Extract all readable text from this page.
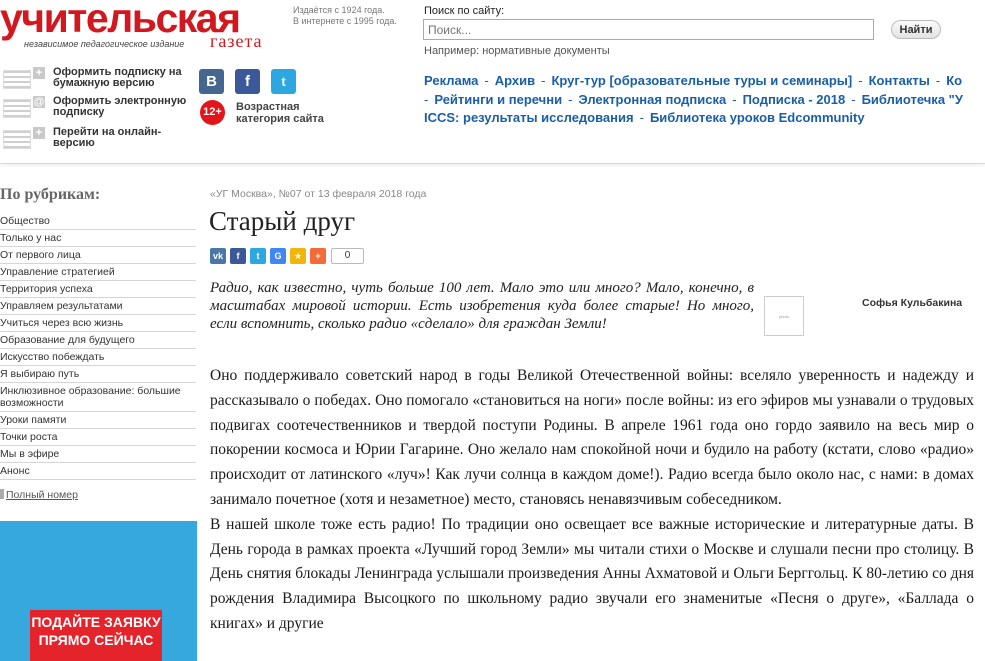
учительская
независимое педагогическое издание газета
Издаётся с 1924 года.
В интернете с 1995 года.
Поиск по сайту:
Поиск...
Найти
Например: нормативные документы
+ Оформить подписку на бумажную версию
@ Оформить электронную подписку
+ Перейти на онлайн-версию
B	f	t
12+ Возрастная категория сайта
Реклама - Архив - Круг-тур [образовательные туры и семинары] - Контакты - Ко
- Рейтинги и перечни - Электронная подписка - Подписка - 2018 - Библиотечка "У
ICCS: результаты исследования - Библиотека уроков Edcommunity
По рубрикам:
Общество
Только у нас
От первого лица
Управление стратегией
Территория успеха
Управляем результатами
Учиться через всю жизнь
Образование для будущего
Искусство побеждать
Я выбираю путь
Инклюзивное образование: большие возможности
Уроки памяти
Точки роста
Мы в эфире
Анонс
Полный номер
ПОДАЙТЕ ЗАЯВКУ ПРЯМО СЕЙЧАС
«УГ Москва», №07 от 13 февраля 2018 года
Старый друг
vk	f	t	G	★	+	0
Радио, как известно, чуть больше 100 лет. Мало это или много? Мало, конечно, в масштабах мировой истории. Есть изобретения куда более старые! Но много, если вспомнить, сколько радио «сделало» для граждан Земли!	photo
Софья Кульбакина

Оно поддерживало советский народ в годы Великой Отечественной войны: вселяло уверенность и надежду и рассказывало о победах. Оно помогало «становиться на ноги» после войны: из его эфиров мы узнавали о трудовых подвигах соотечественников и твердой поступи Родины. В апреле 1961 года оно гордо заявило на весь мир о покорении космоса и Юрии Гагарине. Оно желало нам спокойной ночи и будило на работу (кстати, слово «радио» происходит от латинского «луч»! Как лучи солнца в каждом доме!). Радио всегда было около нас, с нами: в домах занимало почетное (хотя и незаметное) место, становясь ненавязчивым собеседником.

В нашей школе тоже есть радио! По традиции оно освещает все важные исторические и литературные даты. В День города в рамках проекта «Лучший город Земли» мы читали стихи о Москве и слушали песни про столицу. В День снятия блокады Ленинграда услышали произведения Анны Ахматовой и Ольги Берггольц. К 80-летию со дня рождения Владимира Высоцкого по школьному радио звучали его знаменитые «Песня о друге», «Баллада о книгах» и другие
